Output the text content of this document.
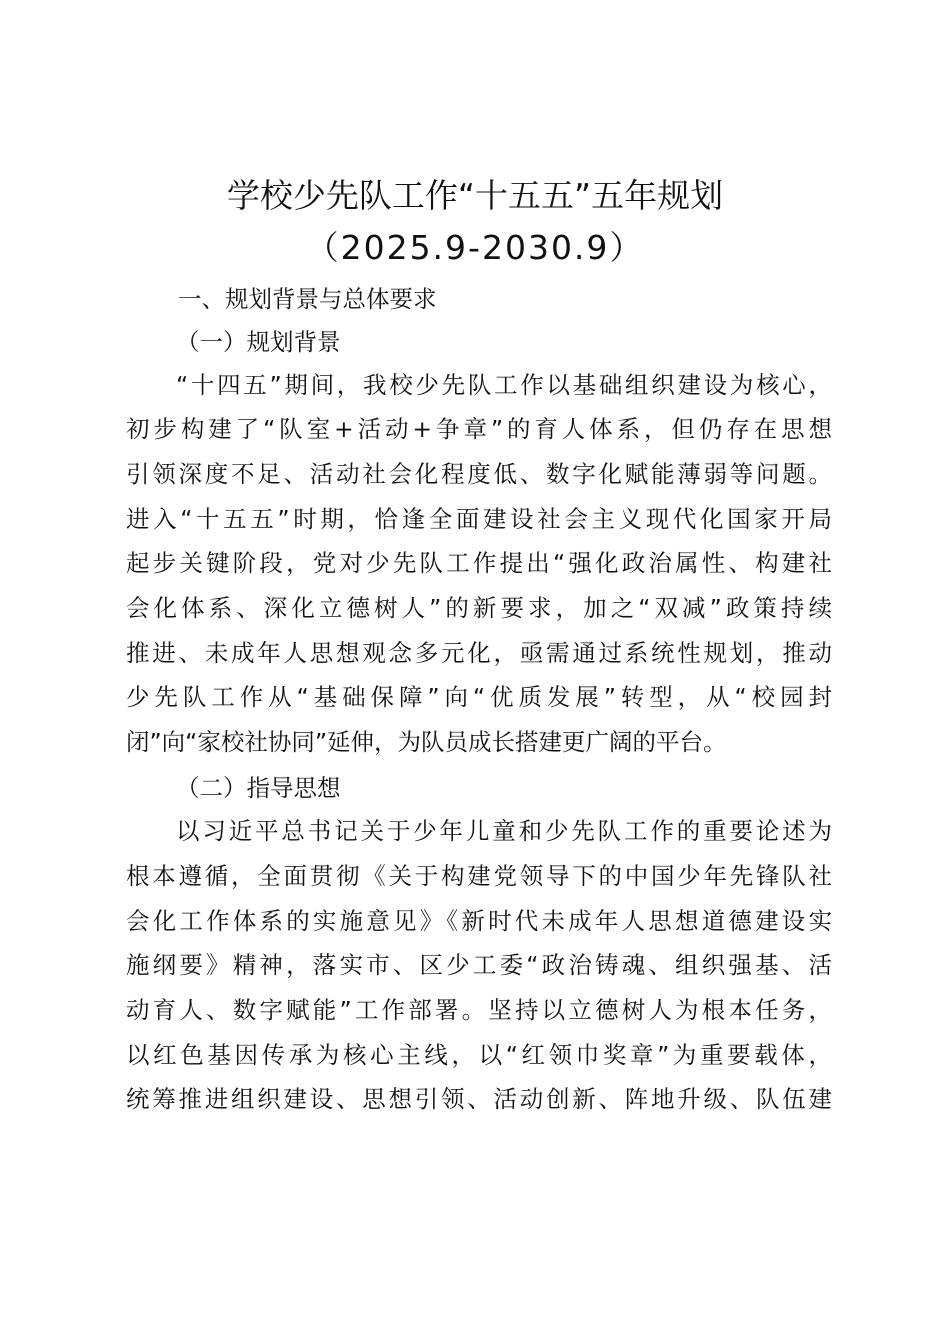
学校少先队工作“十五五”五年规划
（2025.9-2030.9）
一、规划背景与总体要求
（一）规划背景
“十四五”期间，我校少先队工作以基础组织建设为核心，
初步构建了“队室+活动+争章”的育人体系，但仍存在思想
引领深度不足、活动社会化程度低、数字化赋能薄弱等问题。
进入“十五五”时期，恰逢全面建设社会主义现代化国家开局
起步关键阶段，党对少先队工作提出“强化政治属性、构建社
会化体系、深化立德树人”的新要求，加之“双减”政策持续
推进、未成年人思想观念多元化，亟需通过系统性规划，推动
少先队工作从“基础保障”向“优质发展”转型，从“校园封
闭”向“家校社协同”延伸，为队员成长搭建更广阔的平台。
（二）指导思想
以习近平总书记关于少年儿童和少先队工作的重要论述为
根本遵循，全面贯彻《关于构建党领导下的中国少年先锋队社
会化工作体系的实施意见》《新时代未成年人思想道德建设实
施纲要》精神，落实市、区少工委“政治铸魂、组织强基、活
动育人、数字赋能”工作部署。坚持以立德树人为根本任务，
以红色基因传承为核心主线，以“红领巾奖章”为重要载体，
统筹推进组织建设、思想引领、活动创新、阵地升级、队伍建
